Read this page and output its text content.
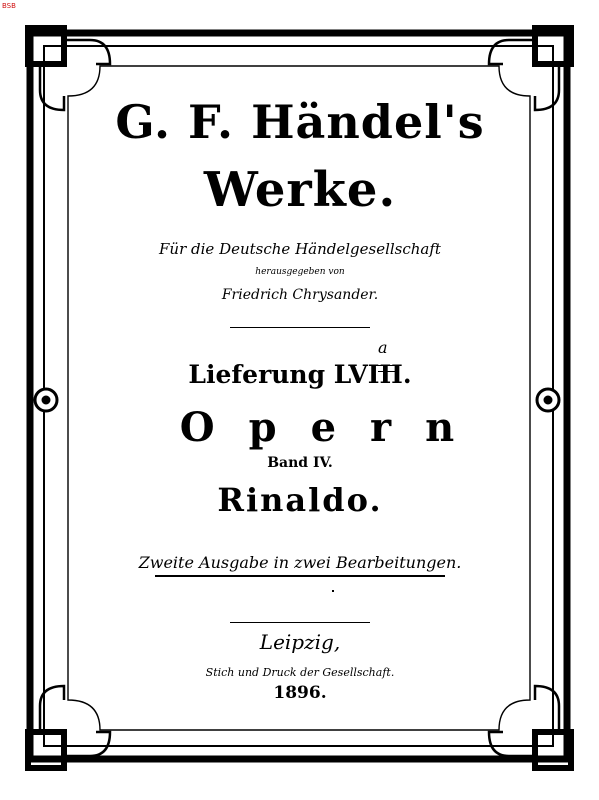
BSB
G. F. Händel's
Werke.
Für die Deutsche Händelgesellschaft
herausgegeben von
Friedrich Chrysander.
Lieferung LVIII.
a
Opern
Band IV.
Rinaldo.
Zweite Ausgabe in zwei Bearbeitungen.
Leipzig,
Stich und Druck der Gesellschaft.
1896.
